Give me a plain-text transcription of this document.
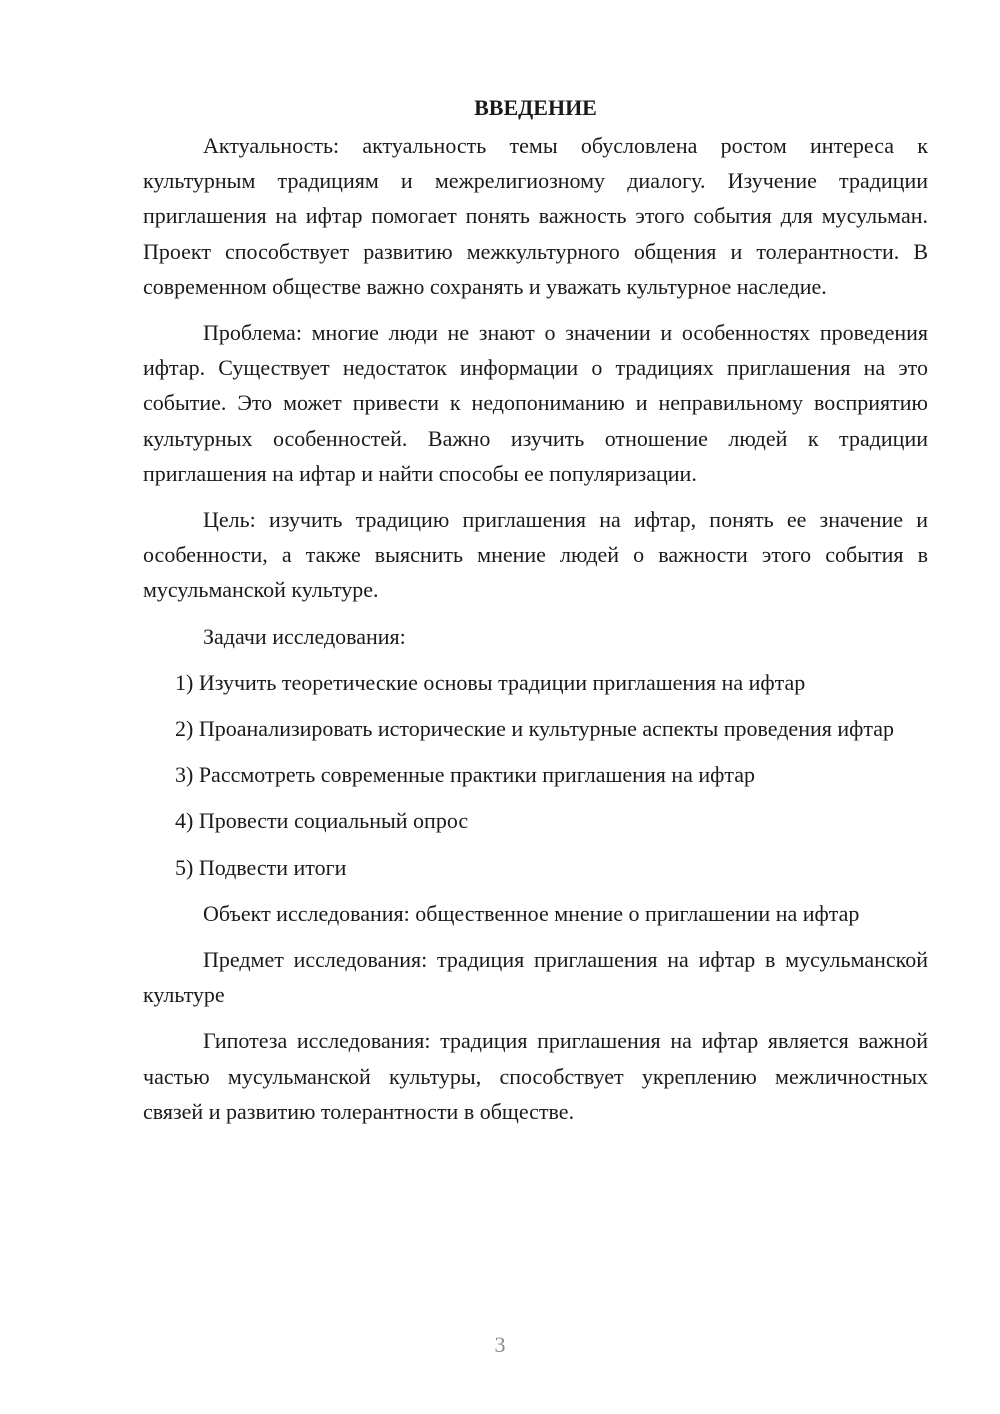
ВВЕДЕНИЕ

Актуальность: актуальность темы обусловлена ростом интереса к культурным традициям и межрелигиозному диалогу. Изучение традиции приглашения на ифтар помогает понять важность этого события для мусульман. Проект способствует развитию межкультурного общения и толерантности. В современном обществе важно сохранять и уважать культурное наследие.

Проблема: многие люди не знают о значении и особенностях проведения ифтар. Существует недостаток информации о традициях приглашения на это событие. Это может привести к недопониманию и неправильному восприятию культурных особенностей. Важно изучить отношение людей к традиции приглашения на ифтар и найти способы ее популяризации.

Цель: изучить традицию приглашения на ифтар, понять ее значение и особенности, а также выяснить мнение людей о важности этого события в мусульманской культуре.

Задачи исследования:

1) Изучить теоретические основы традиции приглашения на ифтар

2) Проанализировать исторические и культурные аспекты проведения ифтар

3) Рассмотреть современные практики приглашения на ифтар

4) Провести социальный опрос

5) Подвести итоги

Объект исследования: общественное мнение о приглашении на ифтар

Предмет исследования: традиция приглашения на ифтар в мусульманской культуре

Гипотеза исследования: традиция приглашения на ифтар является важной частью мусульманской культуры, способствует укреплению межличностных связей и развитию толерантности в обществе.

3
